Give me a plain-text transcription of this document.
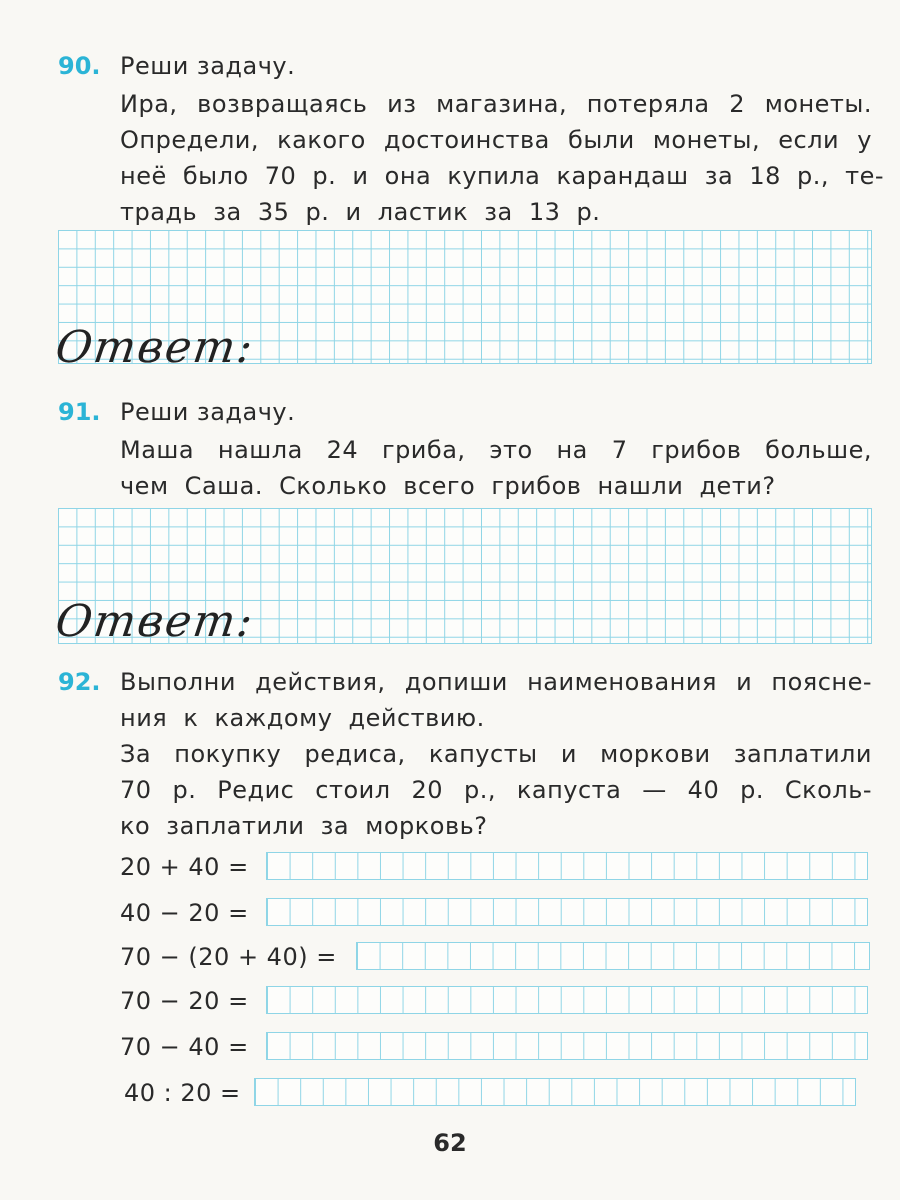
90. Реши задачу.

Ира, возвращаясь из магазина, потеряла 2 монеты.

Определи, какого достоинства были монеты, если у

неё было 70 р. и она купила карандаш за 18 р., те-

традь за 35 р. и ластик за 13 р.

Ответ:
91. Реши задачу.

Маша нашла 24 гриба, это на 7 грибов больше,

чем Саша. Сколько всего грибов нашли дети?

Ответ:
92. Выполни действия, допиши наименования и поясне-

ния к каждому действию.

За покупку редиса, капусты и моркови заплатили

70 р. Редис стоил 20 р., капуста — 40 р. Сколь-

ко заплатили за морковь?

20 + 40 =
40 − 20 =
70 − (20 + 40) =
70 − 20 =
70 − 40 =
40 : 20 =
62
